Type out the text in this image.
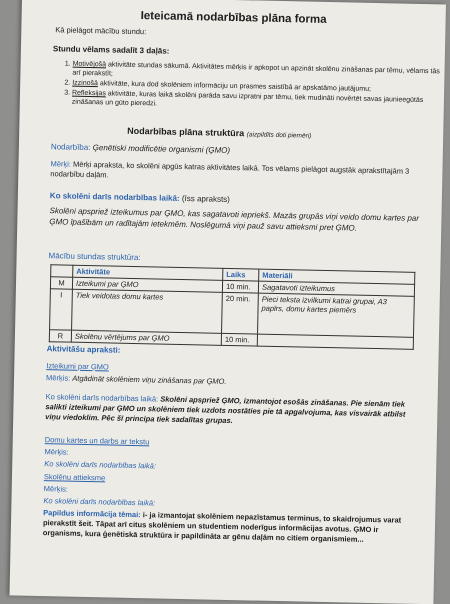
Ieteicamā nodarbības plāna forma
Kā pielāgot mācību stundu:
Stundu vēlams sadalīt 3 daļās:
1. Motivējošā aktivitāte stundas sākumā. Aktivitātes mērķis ir apkopot un apzināt skolēnu zināšanas par tēmu, vēlams tās arī pierakstīt;
2. Izzinošā aktivitāte, kura dod skolēniem informāciju un prasmes saistībā ar apskatāmo jautājumu;
3. Refleksijas aktivitāte, kuras laikā skolēni parāda savu izpratni par tēmu, tiek mudināti novērtēt savas jaunieegūtās zināšanas un gūto pieredzi.
Nodarbības plāna struktūra (aizpildīts doti piemēri)
Nodarbība: Ģenētiski modificētie organismi (ĢMO)
Mērķi: Mērķi apraksta, ko skolēni apgūs katras aktivitātes laikā. Tos vēlams pielāgot augstāk aprakstītajām 3 nodarbību daļām.
Ko skolēni darīs nodarbības laikā: (īss apraksts)
Skolēni apspriež izteikumus par ĢMO, kas sagatavoti iepriekš. Mazās grupās viņi veido domu kartes par ĢMO īpašībām un radītajām ietekmēm. Noslēgumā viņi pauž savu attieksmi pret ĢMO.
Mācību stundas struktūra:
	Aktivitāte	Laiks	Materiāli
M	Izteikumi par ĢMO	10 min.	Sagatavoti izteikumus
I	Tiek veidotas domu kartes	20 min.	Pieci teksta izvilkumi katrai grupai, A3 papīrs, domu kartes piemērs
R	Skolēnu vērtējums par ĢMO	10 min.	
Aktivitāšu apraksti:
Izteikumi par ĢMO
Mērķis: Atgādināt skolēniem viņu zināšanas par ĢMO.
Ko skolēni darīs nodarbības laikā: Skolēni apspriež ĢMO, izmantojot esošās zināšanas. Pie sienām tiek salikti izteikumi par ĢMO un skolēniem tiek uzdots nostāties pie tā apgalvojuma, kas visvairāk atbilst viņu viedoklim. Pēc šī principa tiek sadalītas grupas.
Domu kartes un darbs ar tekstu
Mērķis:
Ko skolēni darīs nodarbības laikā:
Skolēnu attieksme
Mērķis:
Ko skolēni darīs nodarbības laikā:
Papildus informācija tēmai: i- ja izmantojat skolēniem nepazīstamus terminus, to skaidrojumus varat pierakstīt šeit. Tāpat arī citus skolēniem un studentiem noderīgus informācijas avotus. ĢMO ir organisms, kura ģenētiskā struktūra ir papildināta ar gēnu daļām no citiem organismiem...
